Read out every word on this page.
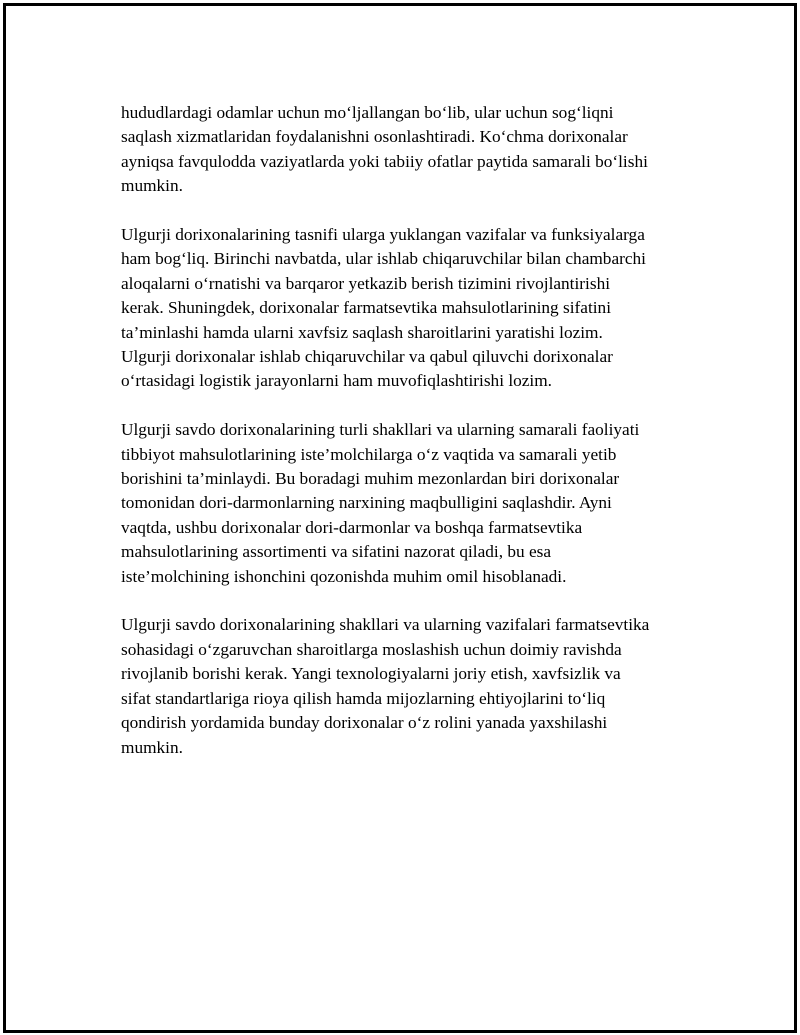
hududlardagi odamlar uchun mo‘ljallangan bo‘lib, ular uchun sog‘liqni
saqlash xizmatlaridan foydalanishni osonlashtiradi. Ko‘chma dorixonalar
ayniqsa favqulodda vaziyatlarda yoki tabiiy ofatlar paytida samarali bo‘lishi
mumkin.

Ulgurji dorixonalarining tasnifi ularga yuklangan vazifalar va funksiyalarga
ham bog‘liq. Birinchi navbatda, ular ishlab chiqaruvchilar bilan chambarchi
aloqalarni o‘rnatishi va barqaror yetkazib berish tizimini rivojlantirishi
kerak. Shuningdek, dorixonalar farmatsevtika mahsulotlarining sifatini
ta’minlashi hamda ularni xavfsiz saqlash sharoitlarini yaratishi lozim.
Ulgurji dorixonalar ishlab chiqaruvchilar va qabul qiluvchi dorixonalar
o‘rtasidagi logistik jarayonlarni ham muvofiqlashtirishi lozim.

Ulgurji savdo dorixonalarining turli shakllari va ularning samarali faoliyati
tibbiyot mahsulotlarining iste’molchilarga o‘z vaqtida va samarali yetib
borishini ta’minlaydi. Bu boradagi muhim mezonlardan biri dorixonalar
tomonidan dori-darmonlarning narxining maqbulligini saqlashdir. Ayni
vaqtda, ushbu dorixonalar dori-darmonlar va boshqa farmatsevtika
mahsulotlarining assortimenti va sifatini nazorat qiladi, bu esa
iste’molchining ishonchini qozonishda muhim omil hisoblanadi.

Ulgurji savdo dorixonalarining shakllari va ularning vazifalari farmatsevtika
sohasidagi o‘zgaruvchan sharoitlarga moslashish uchun doimiy ravishda
rivojlanib borishi kerak. Yangi texnologiyalarni joriy etish, xavfsizlik va
sifat standartlariga rioya qilish hamda mijozlarning ehtiyojlarini to‘liq
qondirish yordamida bunday dorixonalar o‘z rolini yanada yaxshilashi
mumkin.
